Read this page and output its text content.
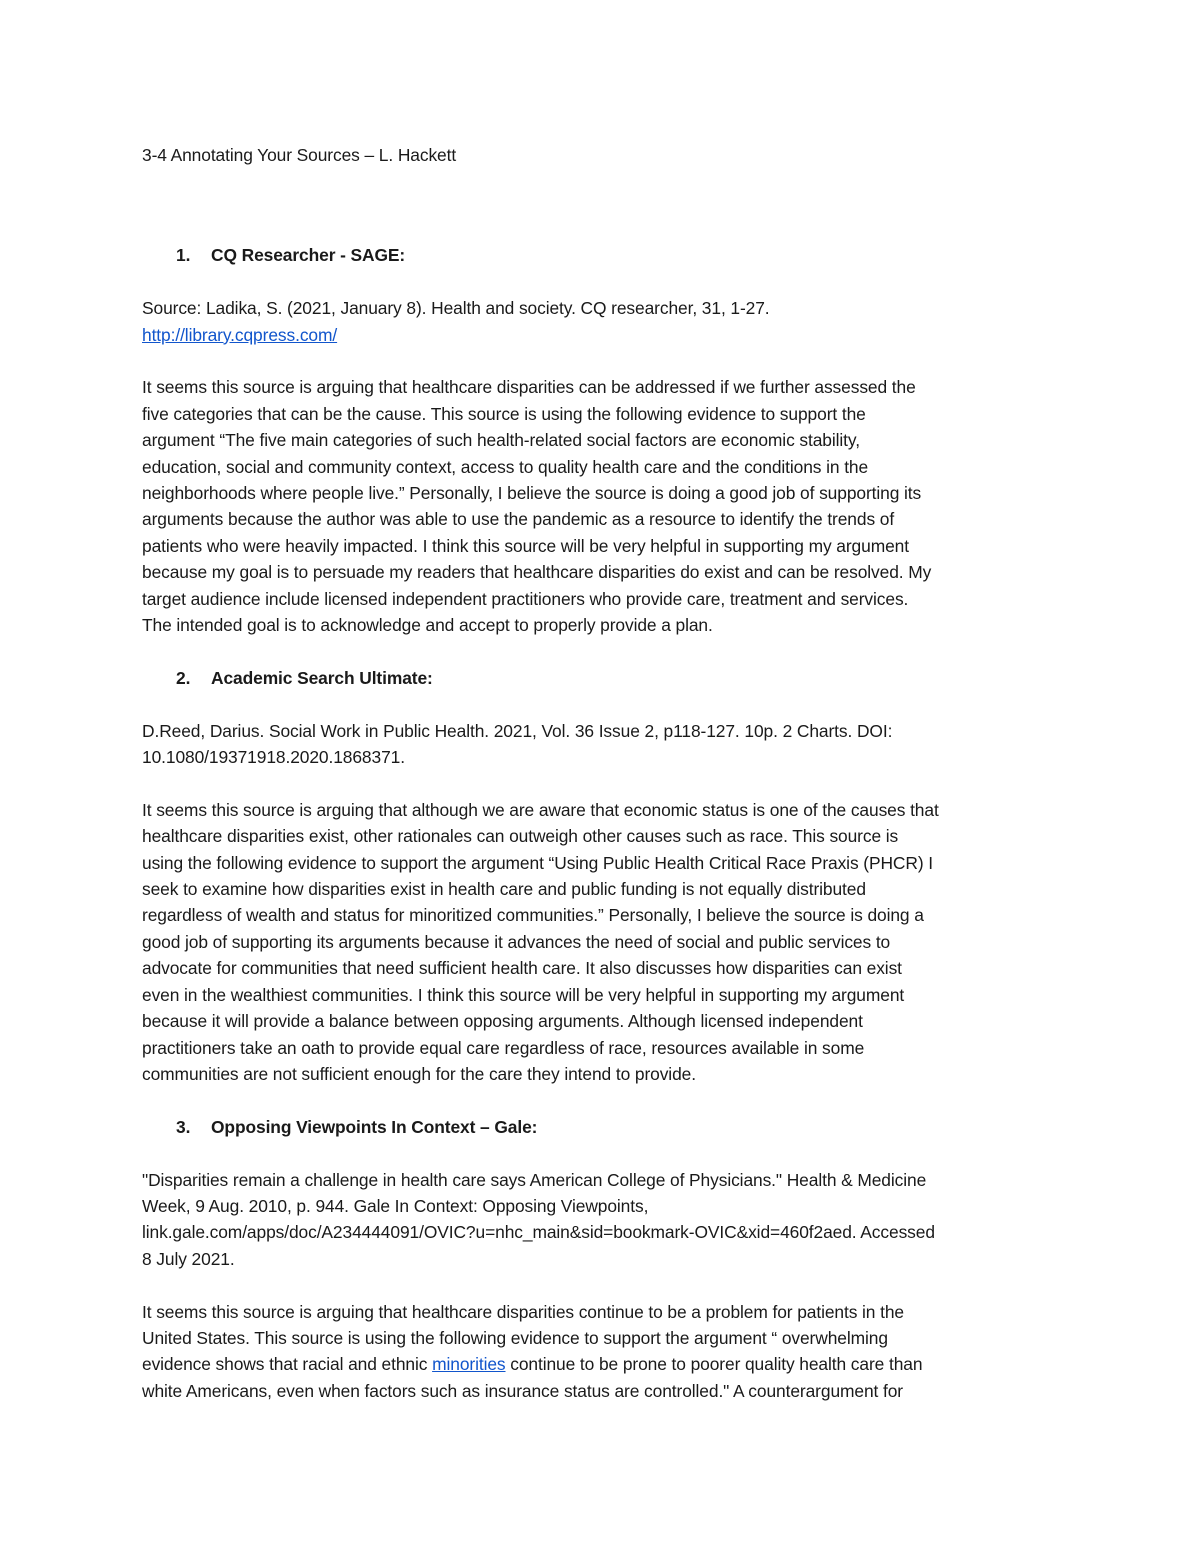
3-4 Annotating Your Sources – L. Hackett

1.	CQ Researcher - SAGE:

Source: Ladika, S. (2021, January 8). Health and society. CQ researcher, 31, 1-27.
http://library.cqpress.com/

It seems this source is arguing that healthcare disparities can be addressed if we further assessed the
five categories that can be the cause. This source is using the following evidence to support the
argument “The five main categories of such health-related social factors are economic stability,
education, social and community context, access to quality health care and the conditions in the
neighborhoods where people live.” Personally, I believe the source is doing a good job of supporting its
arguments because the author was able to use the pandemic as a resource to identify the trends of
patients who were heavily impacted. I think this source will be very helpful in supporting my argument
because my goal is to persuade my readers that healthcare disparities do exist and can be resolved. My
target audience include licensed independent practitioners who provide care, treatment and services.
The intended goal is to acknowledge and accept to properly provide a plan.

2.	Academic Search Ultimate:

D.Reed, Darius. Social Work in Public Health. 2021, Vol. 36 Issue 2, p118-127. 10p. 2 Charts. DOI:
10.1080/19371918.2020.1868371.

It seems this source is arguing that although we are aware that economic status is one of the causes that
healthcare disparities exist, other rationales can outweigh other causes such as race. This source is
using the following evidence to support the argument “Using Public Health Critical Race Praxis (PHCR) I
seek to examine how disparities exist in health care and public funding is not equally distributed
regardless of wealth and status for minoritized communities.” Personally, I believe the source is doing a
good job of supporting its arguments because it advances the need of social and public services to
advocate for communities that need sufficient health care. It also discusses how disparities can exist
even in the wealthiest communities. I think this source will be very helpful in supporting my argument
because it will provide a balance between opposing arguments. Although licensed independent
practitioners take an oath to provide equal care regardless of race, resources available in some
communities are not sufficient enough for the care they intend to provide.

3.	Opposing Viewpoints In Context – Gale:

"Disparities remain a challenge in health care says American College of Physicians." Health & Medicine
Week, 9 Aug. 2010, p. 944. Gale In Context: Opposing Viewpoints,
link.gale.com/apps/doc/A234444091/OVIC?u=nhc_main&sid=bookmark-OVIC&xid=460f2aed. Accessed
8 July 2021.

It seems this source is arguing that healthcare disparities continue to be a problem for patients in the
United States. This source is using the following evidence to support the argument “ overwhelming
evidence shows that racial and ethnic minorities continue to be prone to poorer quality health care than
white Americans, even when factors such as insurance status are controlled." A counterargument for
